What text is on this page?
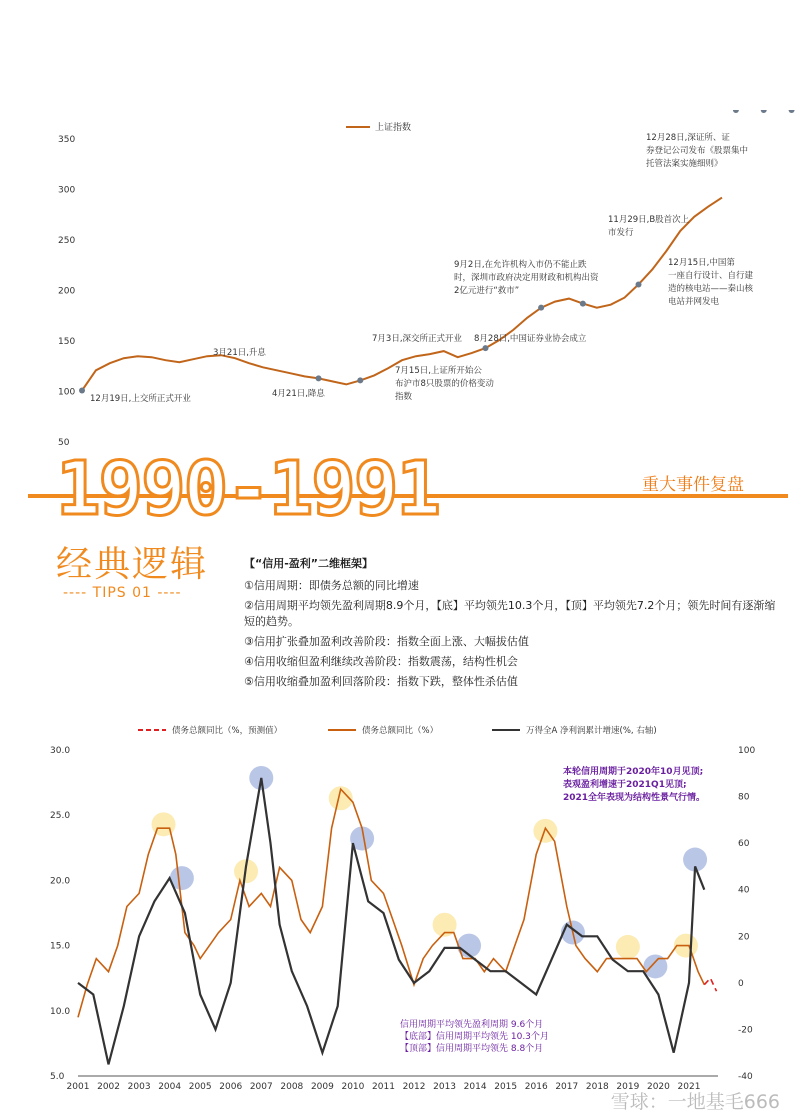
50
100
150
200
250
300
350
上证指数
12月19日,上交所正式开业
3月21日,升息
4月21日,降息
7月3日,深交所正式开业
7月15日,上证所开始公布沪市8只股票的价格变动指数
8月28日,中国证券业协会成立
9月2日,在允许机构入市仍不能止跌时，深圳市政府决定用财政和机构出资 2亿元进行“救市”
11月29日,B股首次上市发行
12月15日,中国第一座自行设计、自行建造的核电站——秦山核电站并网发电
12月28日,深证所、证券登记公司发布《股票集中托管法案实施细则》
1990-1991	重大事件复盘
经典逻辑
---- TIPS 01 ----

【“信用-盈利”二维框架】

①信用周期：即债务总额的同比增速

②信用周期平均领先盈利周期8.9个月，【底】平均领先10.3个月，【顶】平均领先7.2个月；领先时间有逐渐缩短的趋势。

③信用扩张叠加盈利改善阶段：指数全面上涨、大幅拔估值

④信用收缩但盈利继续改善阶段：指数震荡，结构性机会

⑤信用收缩叠加盈利回落阶段：指数下跌，整体性杀估值

债务总额同比（%，预测值）	债务总额同比（%）	万得全A 净利润累计增速(%, 右轴)
2001 2002 2003 2004 2005 2006 2007 2008 2009 2010 2011 2012 2013 2014 2015 2016 2017 2018 2019 2020 2021
5.0
10.0
15.0
20.0
25.0
30.0
-40
-20
0
20
40
60
80
100
本轮信用周期于2020年10月见顶;
表观盈利增速于2021Q1见顶;
2021全年表现为结构性景气行情。
信用周期平均领先盈利周期 9.6个月
【底部】信用周期平均领先 10.3个月
【顶部】信用周期平均领先 8.8个月
雪球：一地基毛666
